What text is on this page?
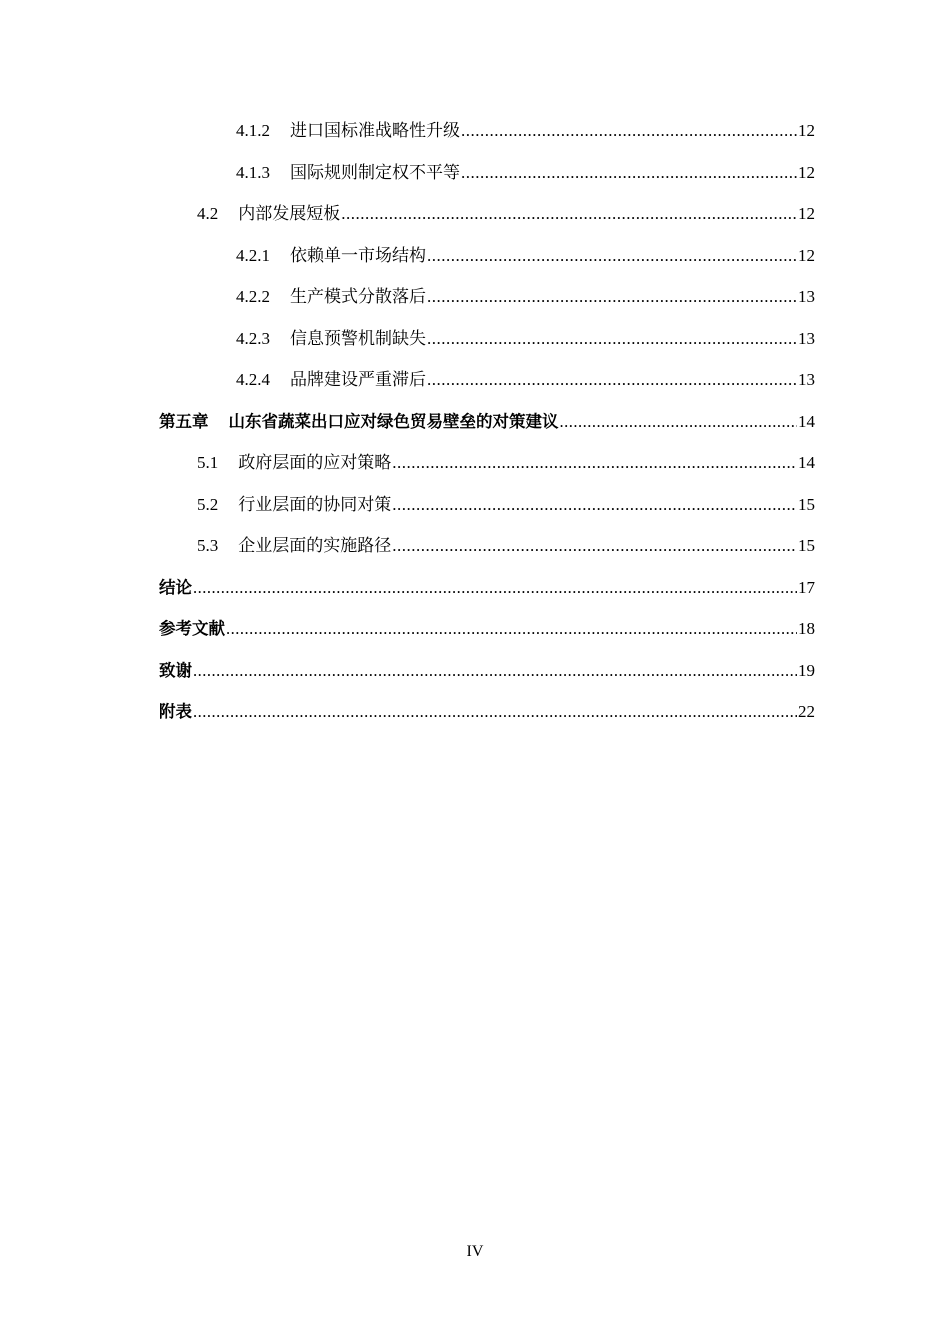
4.1.2 进口国标准战略性升级 .....	12
4.1.3 国际规则制定权不平等 .....	12
4.2 内部发展短板 .....	12
4.2.1 依赖单一市场结构 .....	12
4.2.2 生产模式分散落后 .....	13
4.2.3 信息预警机制缺失 .....	13
4.2.4 品牌建设严重滞后 .....	13
第五章 山东省蔬菜出口应对绿色贸易壁垒的对策建议 .....	14
5.1 政府层面的应对策略 .....	14
5.2 行业层面的协同对策 .....	15
5.3 企业层面的实施路径 .....	15
结论 .....	17
参考文献 .....	18
致谢 .....	19
附表 .....	22
IV
